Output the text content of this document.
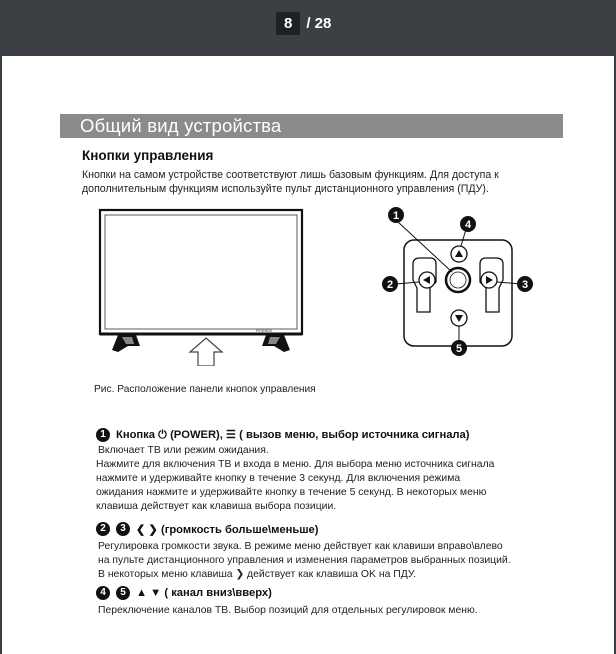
8 / 28
Общий вид устройства
Кнопки управления
Кнопки на самом устройстве соответствуют лишь базовым функциям. Для доступа к дополнительным функциям используйте пульт дистанционного управления (ПДУ).
HYUNDAI
1
4
2	3
5
Рис. Расположение панели кнопок управления
1 Кнопка ⏻ (POWER), ☰ ( вызов меню, выбор источника сигнала)
Включает ТВ или режим ожидания.
Нажмите для включения ТВ и входа в меню. Для выбора меню источника сигнала
нажмите и удерживайте кнопку в течение 3 секунд. Для включения режима
ожидания нажмите и удерживайте кнопку в течение 5 секунд. В некоторых меню
клавиша действует как клавиша выбора позиции.
2	3 ❮ ❯ (громкость больше\меньше)
Регулировка громкости звука. В режиме меню действует как клавиши вправо\влево
на пульте дистанционного управления и изменения параметров выбранных позиций.
В некоторых меню клавиша ❯ действует как клавиша OK на ПДУ.
4	5 ▲ ▼ ( канал вниз\вверх)
Переключение каналов ТВ. Выбор позиций для отдельных регулировок меню.
